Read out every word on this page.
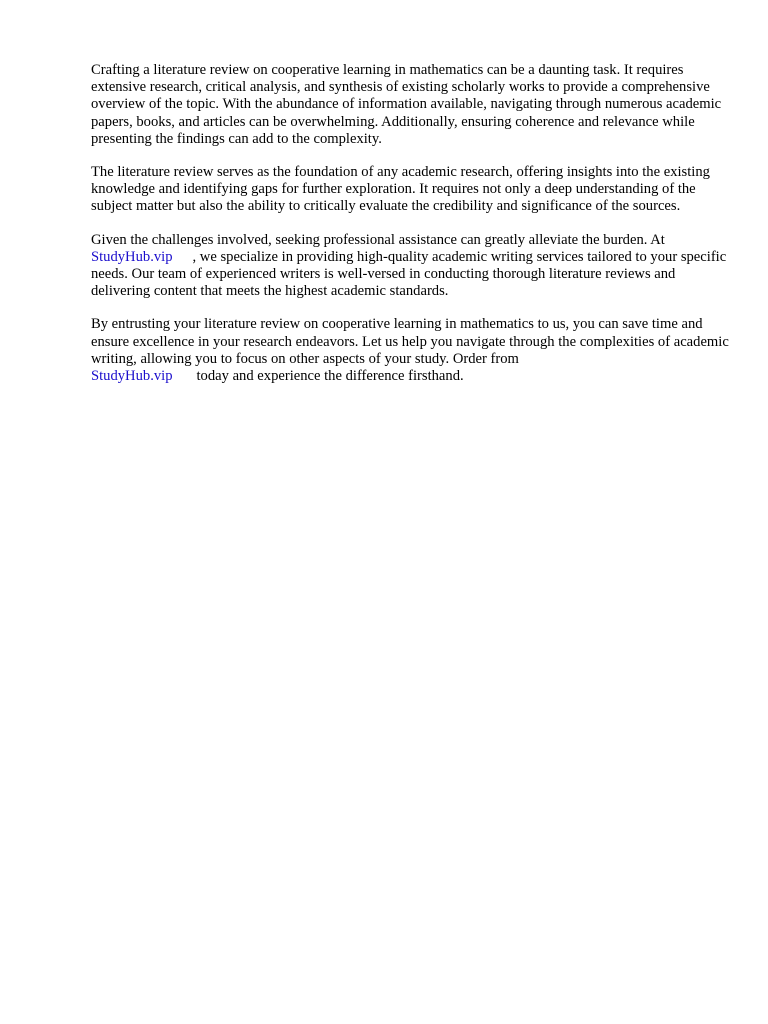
Crafting a literature review on cooperative learning in mathematics can be a daunting task. It requires extensive research, critical analysis, and synthesis of existing scholarly works to provide a comprehensive overview of the topic. With the abundance of information available, navigating through numerous academic papers, books, and articles can be overwhelming. Additionally, ensuring coherence and relevance while presenting the findings can add to the complexity.

The literature review serves as the foundation of any academic research, offering insights into the existing knowledge and identifying gaps for further exploration. It requires not only a deep understanding of the subject matter but also the ability to critically evaluate the credibility and significance of the sources.

Given the challenges involved, seeking professional assistance can greatly alleviate the burden. At
StudyHub.vip , we specialize in providing high-quality academic writing services tailored to your specific needs. Our team of experienced writers is well-versed in conducting thorough literature reviews and delivering content that meets the highest academic standards.

By entrusting your literature review on cooperative learning in mathematics to us, you can save time and ensure excellence in your research endeavors. Let us help you navigate through the complexities of academic writing, allowing you to focus on other aspects of your study. Order from
StudyHub.vip today and experience the difference firsthand.
